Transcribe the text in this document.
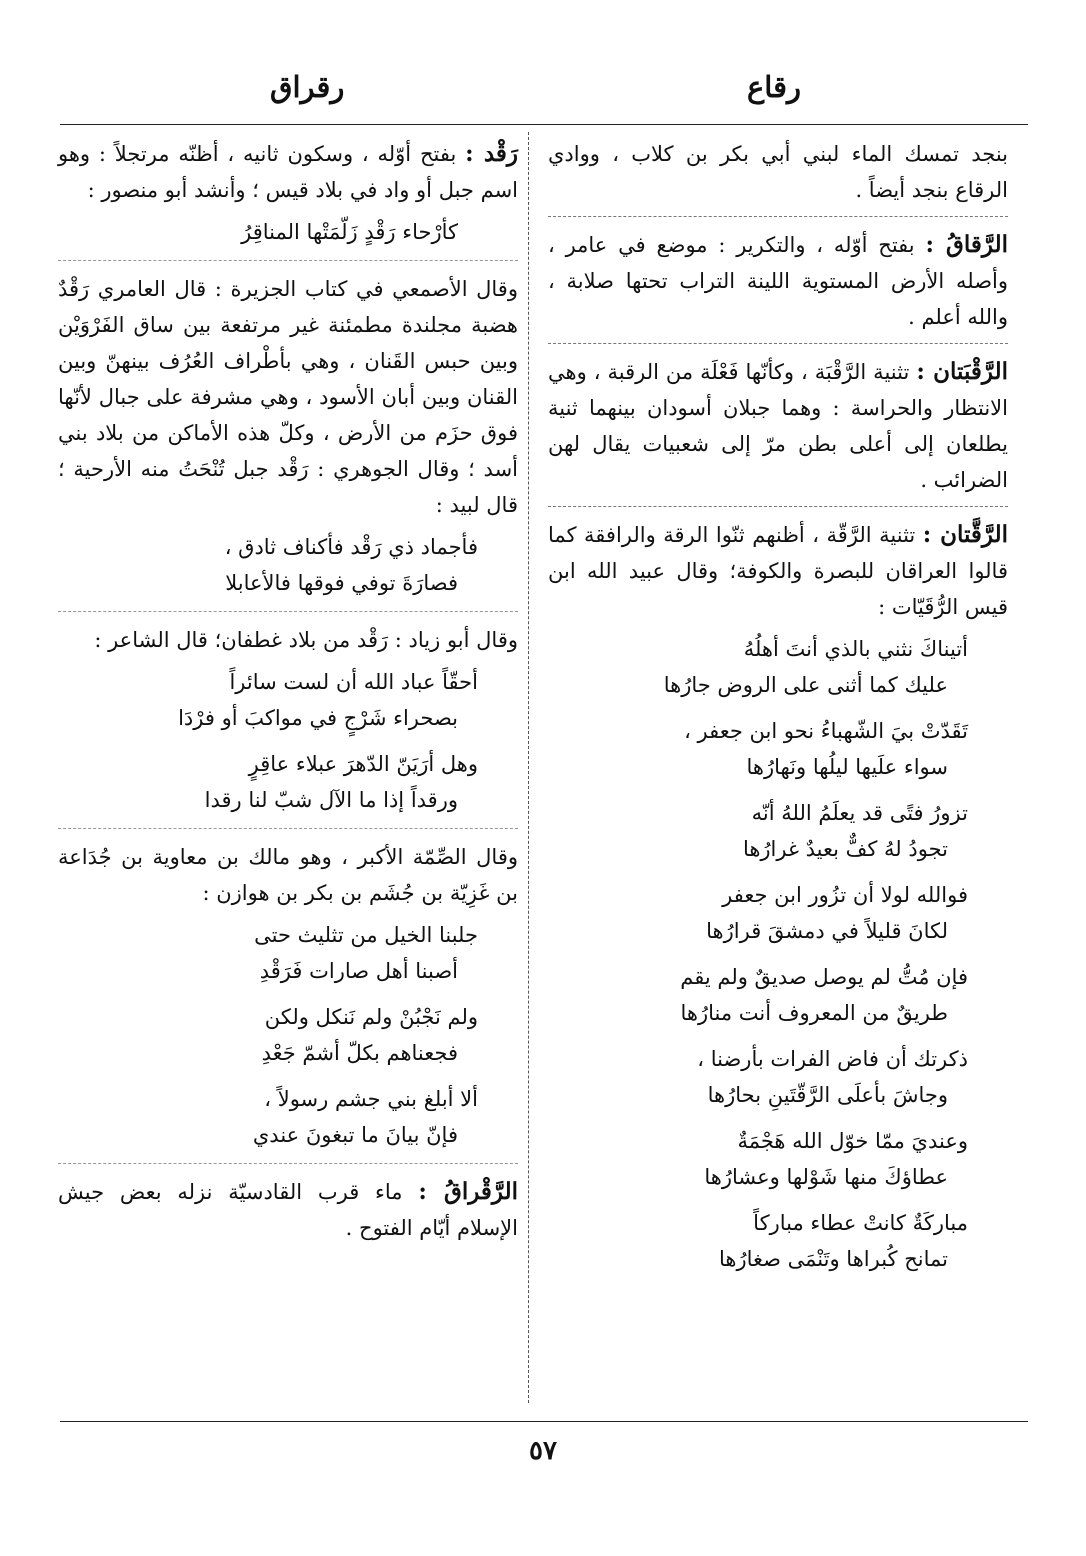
رقاع
رقراق

بنجد تمسك الماء لبني أبي بكر بن كلاب ، ووادي الرقاع بنجد أيضاً .

الرَّقاقُ : بفتح أوّله ، والتكرير : موضع في عامر ، وأصله الأرض المستوية اللينة التراب تحتها صلابة ، والله أعلم .

الرَّقْبَتان : تثنية الرَّقْبَة ، وكأنّها فَعْلَة من الرقبة ، وهي الانتظار والحراسة : وهما جبلان أسودان بينهما ثنية يطلعان إلى أعلى بطن مرّ إلى شعبيات يقال لهن الضرائب .

الرَّقَّتان : تثنية الرَّقّة ، أظنهم ثنّوا الرقة والرافقة كما قالوا العراقان للبصرة والكوفة؛ وقال عبيد الله ابن قيس الرُّقَيّات :

أتيناكَ نثني بالذي أنتَ أهلُهُ
عليك كما أثنى على الروض جارُها
تَقَدّتْ بيَ الشّهباءُ نحو ابن جعفر ،
سواء علَيها ليلُها ونَهارُها
تزورُ فتًى قد يعلَمُ اللهُ أنّه
تجودُ لهُ كفٌّ بعيدٌ غرارُها
فوالله لولا أن تزُور ابن جعفر
لكانَ قليلاً في دمشقَ قرارُها
فإن مُتُّ لم يوصل صديقٌ ولم يقم
طريقٌ من المعروف أنت منارُها
ذكرتك أن فاض الفرات بأرضنا ،
وجاشَ بأعلَى الرَّقّتَينِ بحارُها
وعنديَ ممّا خوّل الله هَجْمَةٌ
عطاؤكَ منها شَوْلها وعشارُها
مباركَةٌ كانتْ عطاء مباركاً
تمانح كُبراها وتَنْمَى صغارُها

رَقْد : بفتح أوّله ، وسكون ثانيه ، أظنّه مرتجلاً : وهو اسم جبل أو واد في بلاد قيس ؛ وأنشد أبو منصور :

كأرْحاء رَقْدٍ زَلّمَتْها المناقِرُ

وقال الأصمعي في كتاب الجزيرة : قال العامري رَقْدٌ هضبة مجلندة مطمئنة غير مرتفعة بين ساق الفَرْوَيْن وبين حبس القَنان ، وهي بأطْراف العُرُف بينهنّ وبين القنان وبين أبان الأسود ، وهي مشرفة على جبال لأنّها فوق حزَم من الأرض ، وكلّ هذه الأماكن من بلاد بني أسد ؛ وقال الجوهري : رَقْد جبل تُنْحَتُ منه الأرحية ؛ قال لبيد :

فأجماد ذي رَقْد فأكناف ثادق ،
فصارَةَ توفي فوقها فالأعابلا

وقال أبو زياد : رَقْد من بلاد غطفان؛ قال الشاعر :

أحقّاً عباد الله أن لست سائراً
بصحراء شَرْجٍ في مواكبَ أو فرْدَا
وهل أرَيَنّ الدّهرَ عبلاء عاقِرٍ
ورقداً إذا ما الآل شبّ لنا رقدا

وقال الصِّمّة الأكبر ، وهو مالك بن معاوية بن جُدَاعة بن غَزِيّة بن جُشَم بن بكر بن هوازن :

جلبنا الخيل من تثليث حتى
أصبنا أهل صارات فَرَقْدِ
ولم نَجْبُنْ ولم نَنكل ولكن
فجعناهم بكلّ أشمّ جَعْدِ
ألا أبلغ بني جشم رسولاً ،
فإنّ بيانَ ما تبغونَ عندي

الرَّقْراقُ : ماء قرب القادسيّة نزله بعض جيش الإسلام أيّام الفتوح .

٥٧
